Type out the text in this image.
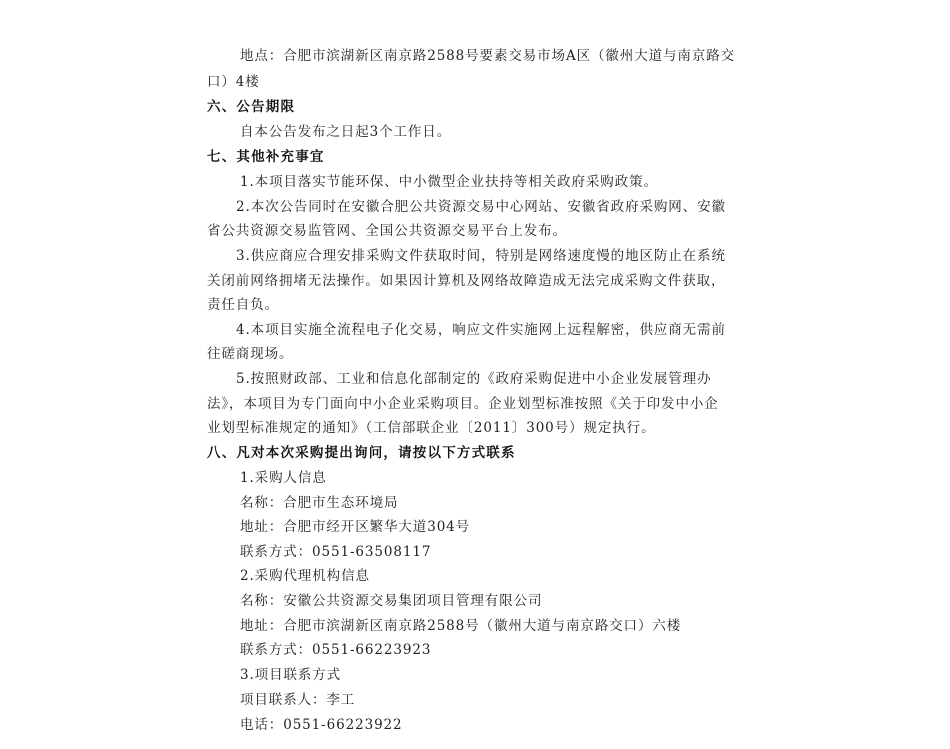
地点：合肥市滨湖新区南京路2588号要素交易市场A区（徽州大道与南京路交
口）4楼
六、公告期限
自本公告发布之日起3个工作日。
七、其他补充事宜
1.本项目落实节能环保、中小微型企业扶持等相关政府采购政策。
2.本次公告同时在安徽合肥公共资源交易中心网站、安徽省政府采购网、安徽
省公共资源交易监管网、全国公共资源交易平台上发布。
3.供应商应合理安排采购文件获取时间，特别是网络速度慢的地区防止在系统
关闭前网络拥堵无法操作。如果因计算机及网络故障造成无法完成采购文件获取，
责任自负。
4.本项目实施全流程电子化交易，响应文件实施网上远程解密，供应商无需前
往磋商现场。
5.按照财政部、工业和信息化部制定的《政府采购促进中小企业发展管理办
法》，本项目为专门面向中小企业采购项目。企业划型标准按照《关于印发中小企
业划型标准规定的通知》（工信部联企业〔2011〕300号）规定执行。
八、凡对本次采购提出询问，请按以下方式联系
1.采购人信息
名称：合肥市生态环境局
地址：合肥市经开区繁华大道304号
联系方式：0551-63508117
2.采购代理机构信息
名称：安徽公共资源交易集团项目管理有限公司
地址：合肥市滨湖新区南京路2588号（徽州大道与南京路交口）六楼
联系方式：0551-66223923
3.项目联系方式
项目联系人：李工
电话：0551-66223922
